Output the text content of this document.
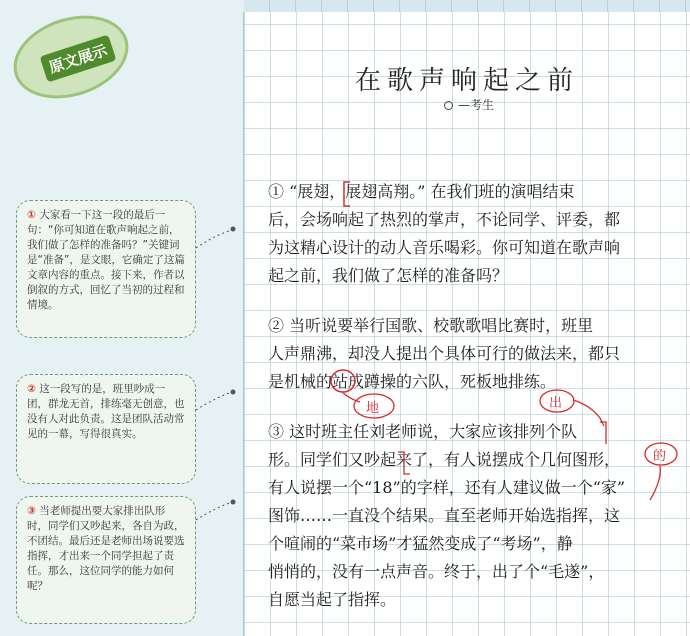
原文展示
在歌声响起之前
—考生
① “展翅，展翅高翔。” 在我们班的演唱结束
后，会场响起了热烈的掌声，不论同学、评委，都
为这精心设计的动人音乐喝彩。你可知道在歌声响
起之前，我们做了怎样的准备吗？
② 当听说要举行国歌、校歌歌唱比赛时，班里
人声鼎沸，却没人提出个具体可行的做法来，都只
是机械的站成蹲操的六队，死板地排练。
③ 这时班主任刘老师说，大家应该排列个队
形。同学们又吵起来了，有人说摆成个几何图形，
有人说摆一个“18”的字样，还有人建议做一个“家”
图饰……一直没个结果。直至老师开始选指挥，这
个喧闹的“菜市场”才猛然变成了“考场”，静
悄悄的，没有一点声音。终于，出了个“毛遂”，
自愿当起了指挥。
① 大家看一下这一段的最后一句：“你可知道在歌声响起之前，我们做了怎样的准备吗？”关键词是“准备”，是文眼，它确定了这篇文章内容的重点。接下来，作者以倒叙的方式，回忆了当初的过程和情境。
② 这一段写的是，班里吵成一团，群龙无首，排练毫无创意，也没有人对此负责。这是团队活动常见的一幕，写得很真实。
③ 当老师提出要大家排出队形时，同学们又吵起来，各自为政，不团结。最后还是老师出场说要选指挥，才出来一个同学担起了责任。那么，这位同学的能力如何呢？
地	出
的
